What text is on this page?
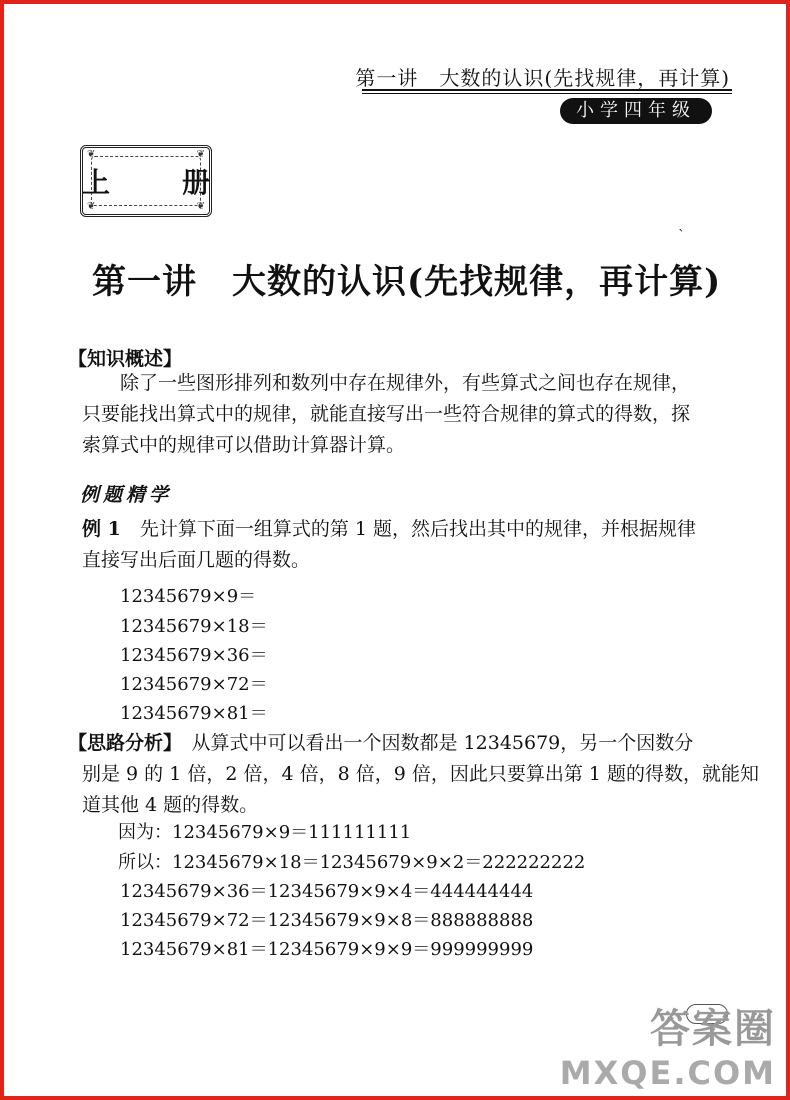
第一讲　大数的认识(先找规律，再计算)
小学四年级
❦	❦
❦	❦
上　册
ˋ
第一讲　大数的认识(先找规律，再计算)
【知识概述】
　　除了一些图形排列和数列中存在规律外，有些算式之间也存在规律，
只要能找出算式中的规律，就能直接写出一些符合规律的算式的得数，探
索算式中的规律可以借助计算器计算。
例题精学
例 1　先计算下面一组算式的第 1 题，然后找出其中的规律，并根据规律
直接写出后面几题的得数。
12345679×9＝
12345679×18＝
12345679×36＝
12345679×72＝
12345679×81＝
【思路分析】　从算式中可以看出一个因数都是 12345679，另一个因数分
别是 9 的 1 倍，2 倍，4 倍，8 倍，9 倍，因此只要算出第 1 题的得数，就能知
道其他 4 题的得数。
因为：12345679×9＝111111111
所以：12345679×18＝12345679×9×2＝222222222
12345679×36＝12345679×9×4＝444444444
12345679×72＝12345679×9×8＝888888888
12345679×81＝12345679×9×9＝999999999
答案圈
MXQE.COM
